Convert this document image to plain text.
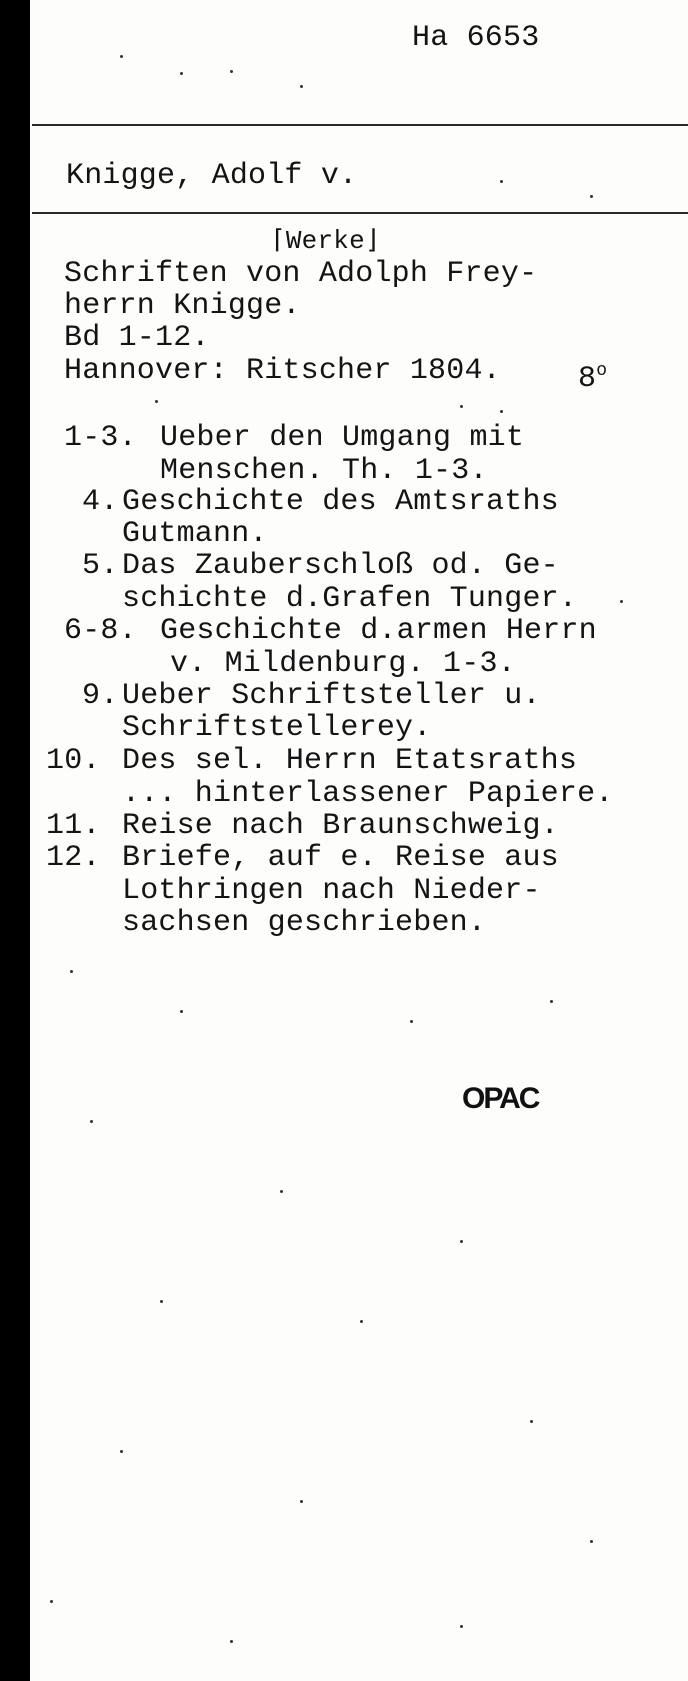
Ha 6653
Knigge, Adolf v.
⌈Werke⌋
Schriften von Adolph Frey-
herrn Knigge.
Bd 1-12.
Hannover: Ritscher 1804.	8$^o$
1-3. Ueber den Umgang mit
Menschen. Th. 1-3.
4. Geschichte des Amtsraths
Gutmann.
5. Das Zauberschloß od. Ge-
schichte d.Grafen Tunger.
6-8. Geschichte d.armen Herrn
v. Mildenburg. 1-3.
9. Ueber Schriftsteller u.
Schriftstellerey.
10. Des sel. Herrn Etatsraths
... hinterlassener Papiere.
11. Reise nach Braunschweig.
12. Briefe, auf e. Reise aus
Lothringen nach Nieder-
sachsen geschrieben.
OPAC
